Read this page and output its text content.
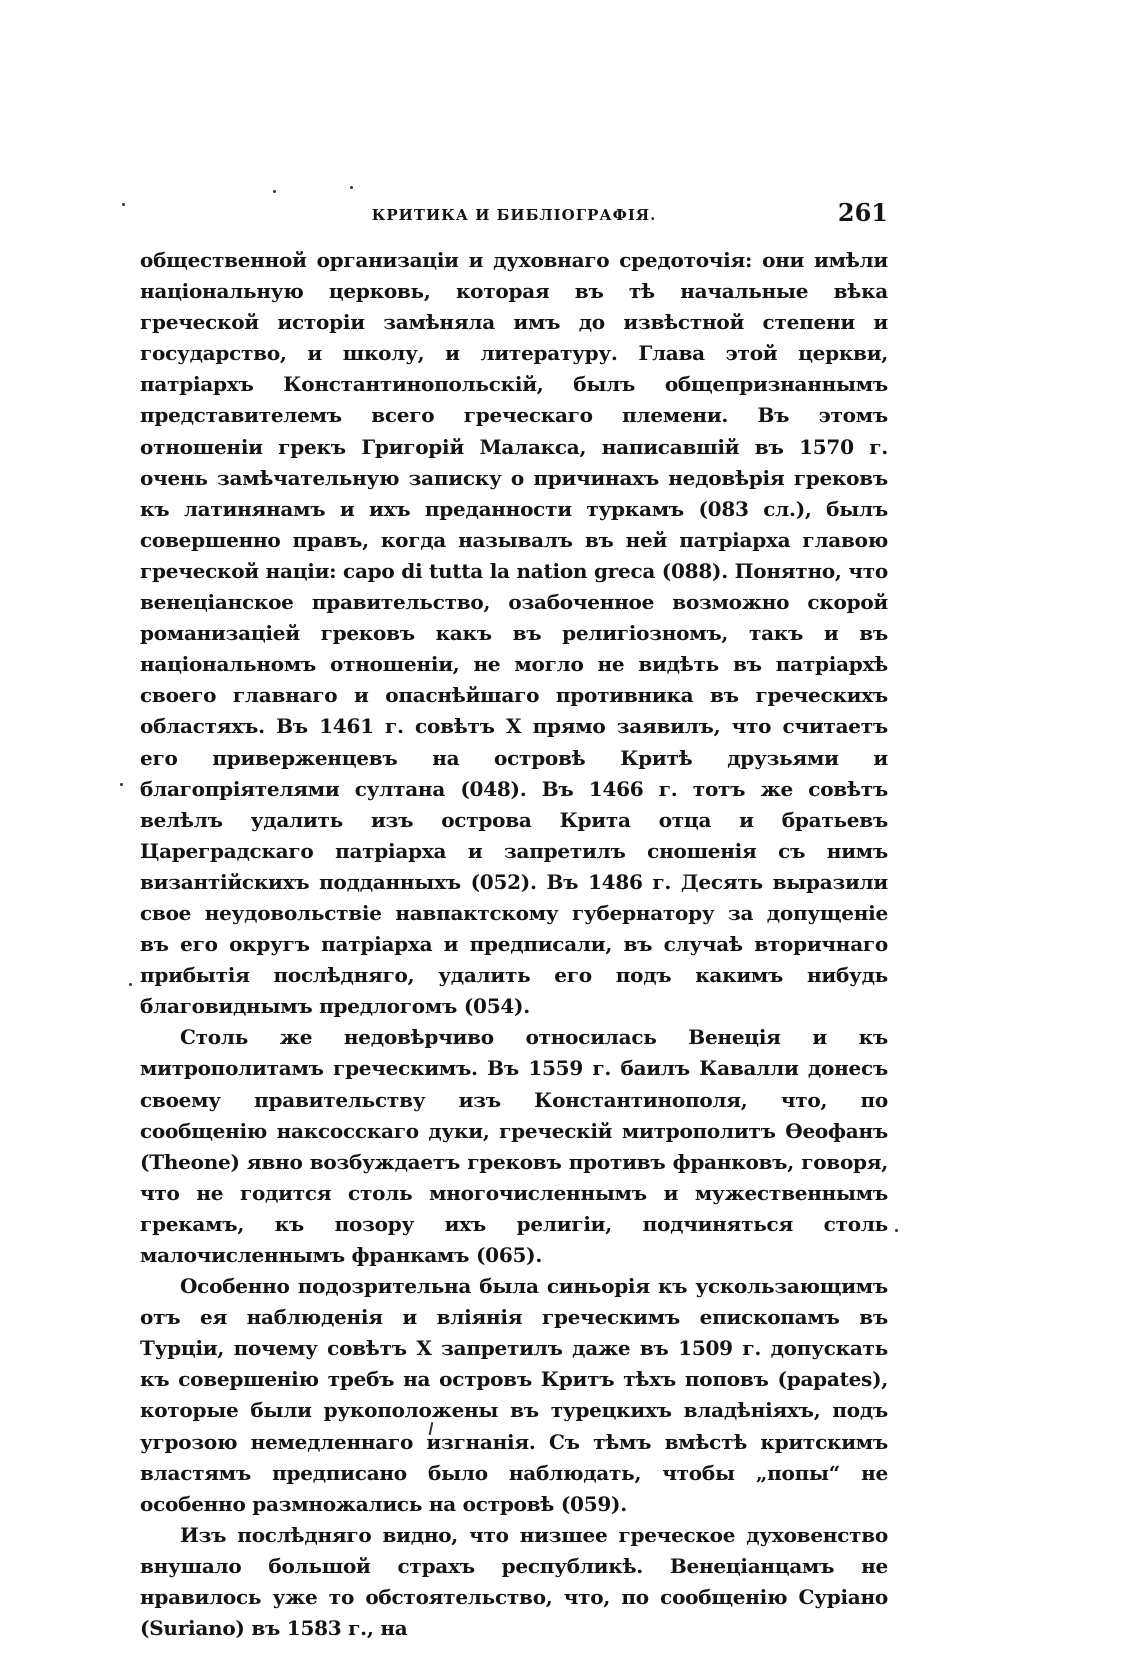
КРИТИКА И БИБЛІОГРАФІЯ.	261

общественной организаціи и духовнаго средоточія: они имѣли національную церковь, которая въ тѣ начальные вѣка греческой исторіи замѣняла имъ до извѣстной степени и государство, и школу, и литературу. Глава этой церкви, патріархъ Константинопольскій, былъ общепризнаннымъ представителемъ всего греческаго племени. Въ этомъ отношеніи грекъ Григорій Малакса, написавшій въ 1570 г. очень замѣчательную записку о причинахъ недовѣрія грековъ къ латинянамъ и ихъ преданности туркамъ (083 сл.), былъ совершенно правъ, когда называлъ въ ней патріарха главою греческой націи: capo di tutta la nation greca (088). Понятно, что венеціанское правительство, озабоченное возможно скорой романизаціей грековъ какъ въ религіозномъ, такъ и въ національномъ отношеніи, не могло не видѣть въ патріархѣ своего главнаго и опаснѣйшаго противника въ греческихъ областяхъ. Въ 1461 г. совѣтъ X прямо заявилъ, что считаетъ его приверженцевъ на островѣ Критѣ друзьями и благопріятелями султана (048). Въ 1466 г. тотъ же совѣтъ велѣлъ удалить изъ острова Крита отца и братьевъ Цареградскаго патріарха и запретилъ сношенія съ нимъ византійскихъ подданныхъ (052). Въ 1486 г. Десять выразили свое неудовольствіе навпактскому губернатору за допущеніе въ его округъ патріарха и предписали, въ случаѣ вторичнаго прибытія послѣдняго, удалить его подъ какимъ нибудь благовиднымъ предлогомъ (054).

Столь же недовѣрчиво относилась Венеція и къ митрополитамъ греческимъ. Въ 1559 г. баилъ Кавалли донесъ своему правительству изъ Константинополя, что, по сообщенію наксосскаго дуки, греческій митрополитъ Ѳеофанъ (Theone) явно возбуждаетъ грековъ противъ франковъ, говоря, что не годится столь многочисленнымъ и мужественнымъ грекамъ, къ позору ихъ религіи, подчиняться столь малочисленнымъ франкамъ (065).

Особенно подозрительна была синьорія къ ускользающимъ отъ ея наблюденія и вліянія греческимъ епископамъ въ Турціи, почему совѣтъ X запретилъ даже въ 1509 г. допускать къ совершенію требъ на островъ Критъ тѣхъ поповъ (papates), которые были рукоположены въ турецкихъ владѣніяхъ, подъ угрозою немедленнаго изгнанія. Съ тѣмъ вмѣстѣ критскимъ властямъ предписано было наблюдать, чтобы „попы“ не особенно размножались на островѣ (059).

Изъ послѣдняго видно, что низшее греческое духовенство внушало большой страхъ республикѣ. Венеціанцамъ не нравилось уже то обстоятельство, что, по сообщенію Суріано (Suriano) въ 1583 г., на
